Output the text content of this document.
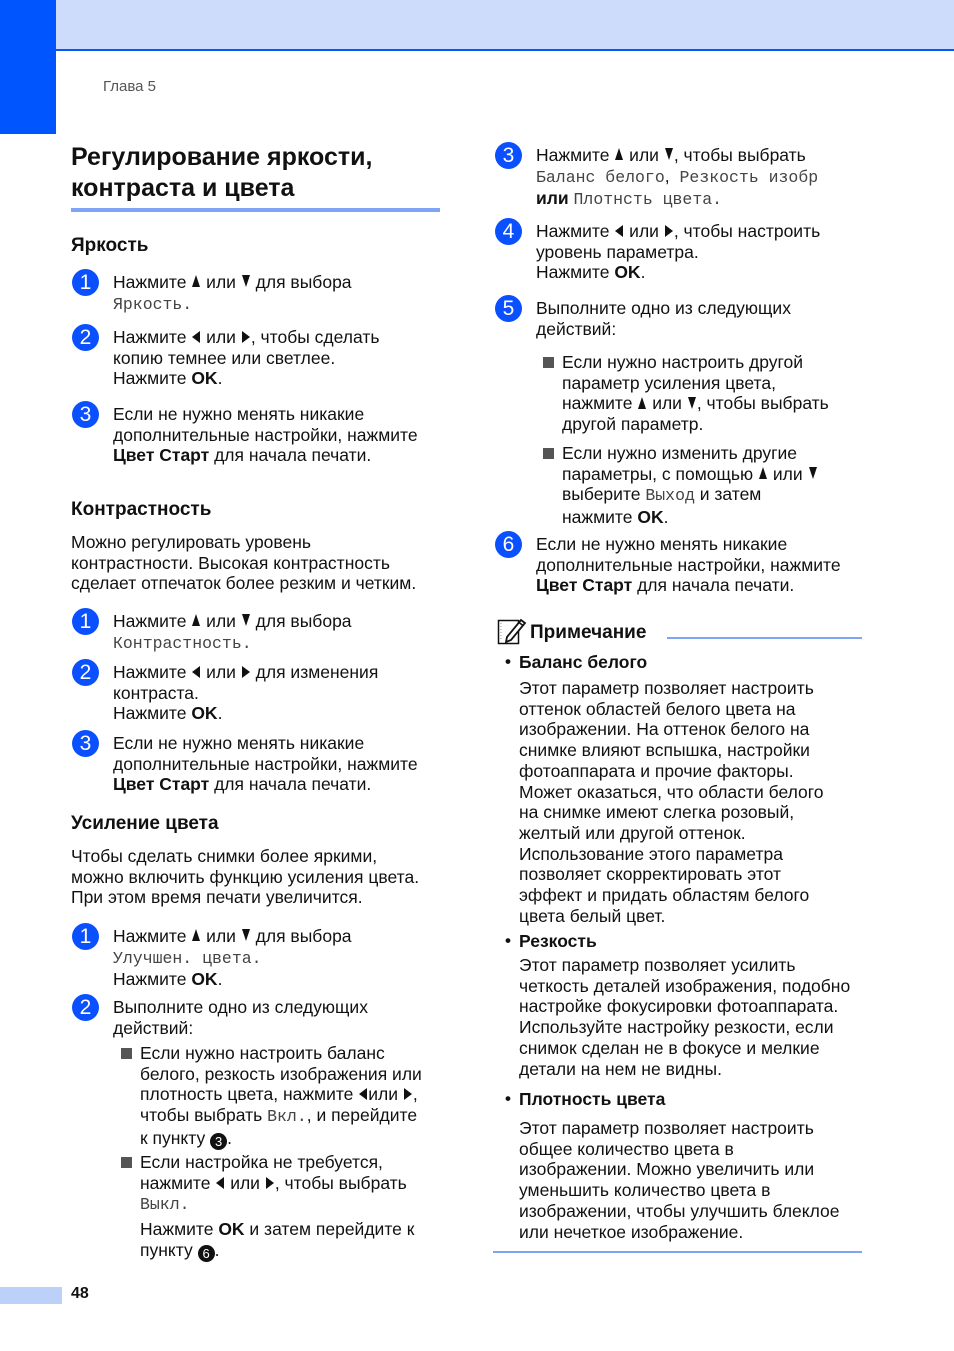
Глава 5
Регулирование яркости,
контраста и цвета
Яркость
1	Нажмите  или  для выбора
Яркость.
2	Нажмите  или , чтобы сделать
копию темнее или светлее.
Нажмите OK.
3	Если не нужно менять никакие
дополнительные настройки, нажмите
Цвет Старт для начала печати.
Контрастность
Можно регулировать уровень
контрастности. Высокая контрастность
сделает отпечаток более резким и четким.
1	Нажмите  или  для выбора
Контрастность.
2	Нажмите  или  для изменения
контраста.
Нажмите OK.
3	Если не нужно менять никакие
дополнительные настройки, нажмите
Цвет Старт для начала печати.
Усиление цвета
Чтобы сделать снимки более яркими,
можно включить функцию усиления цвета.
При этом время печати увеличится.
1	Нажмите  или  для выбора
Улучшен. цвета.
Нажмите OK.
2	Выполните одно из следующих
действий:
Если нужно настроить баланс
белого, резкость изображения или
плотность цвета, нажмите или ,
чтобы выбрать Вкл., и перейдите
к пункту 3 .
Если настройка не требуется,
нажмите  или , чтобы выбрать
Выкл.
Нажмите OK и затем перейдите к
пункту 6 .
3	Нажмите  или , чтобы выбрать
Баланс белого, Резкость изобр
или Плотнсть цвета.
4	Нажмите  или , чтобы настроить
уровень параметра.
Нажмите OK.
5	Выполните одно из следующих
действий:
Если нужно настроить другой
параметр усиления цвета,
нажмите  или , чтобы выбрать
другой параметр.
Если нужно изменить другие
параметры, с помощью  или
выберите Выход и затем
нажмите OK.
6	Если не нужно менять никакие
дополнительные настройки, нажмите
Цвет Старт для начала печати.
Примечание
• Баланс белого
Этот параметр позволяет настроить
оттенок областей белого цвета на
изображении. На оттенок белого на
снимке влияют вспышка, настройки
фотоаппарата и прочие факторы.
Может оказаться, что области белого
на снимке имеют слегка розовый,
желтый или другой оттенок.
Использование этого параметра
позволяет скорректировать этот
эффект и придать областям белого
цвета белый цвет.
• Резкость
Этот параметр позволяет усилить
четкость деталей изображения, подобно
настройке фокусировки фотоаппарата.
Используйте настройку резкости, если
снимок сделан не в фокусе и мелкие
детали на нем не видны.
• Плотность цвета
Этот параметр позволяет настроить
общее количество цвета в
изображении. Можно увеличить или
уменьшить количество цвета в
изображении, чтобы улучшить блеклое
или нечеткое изображение.
48
